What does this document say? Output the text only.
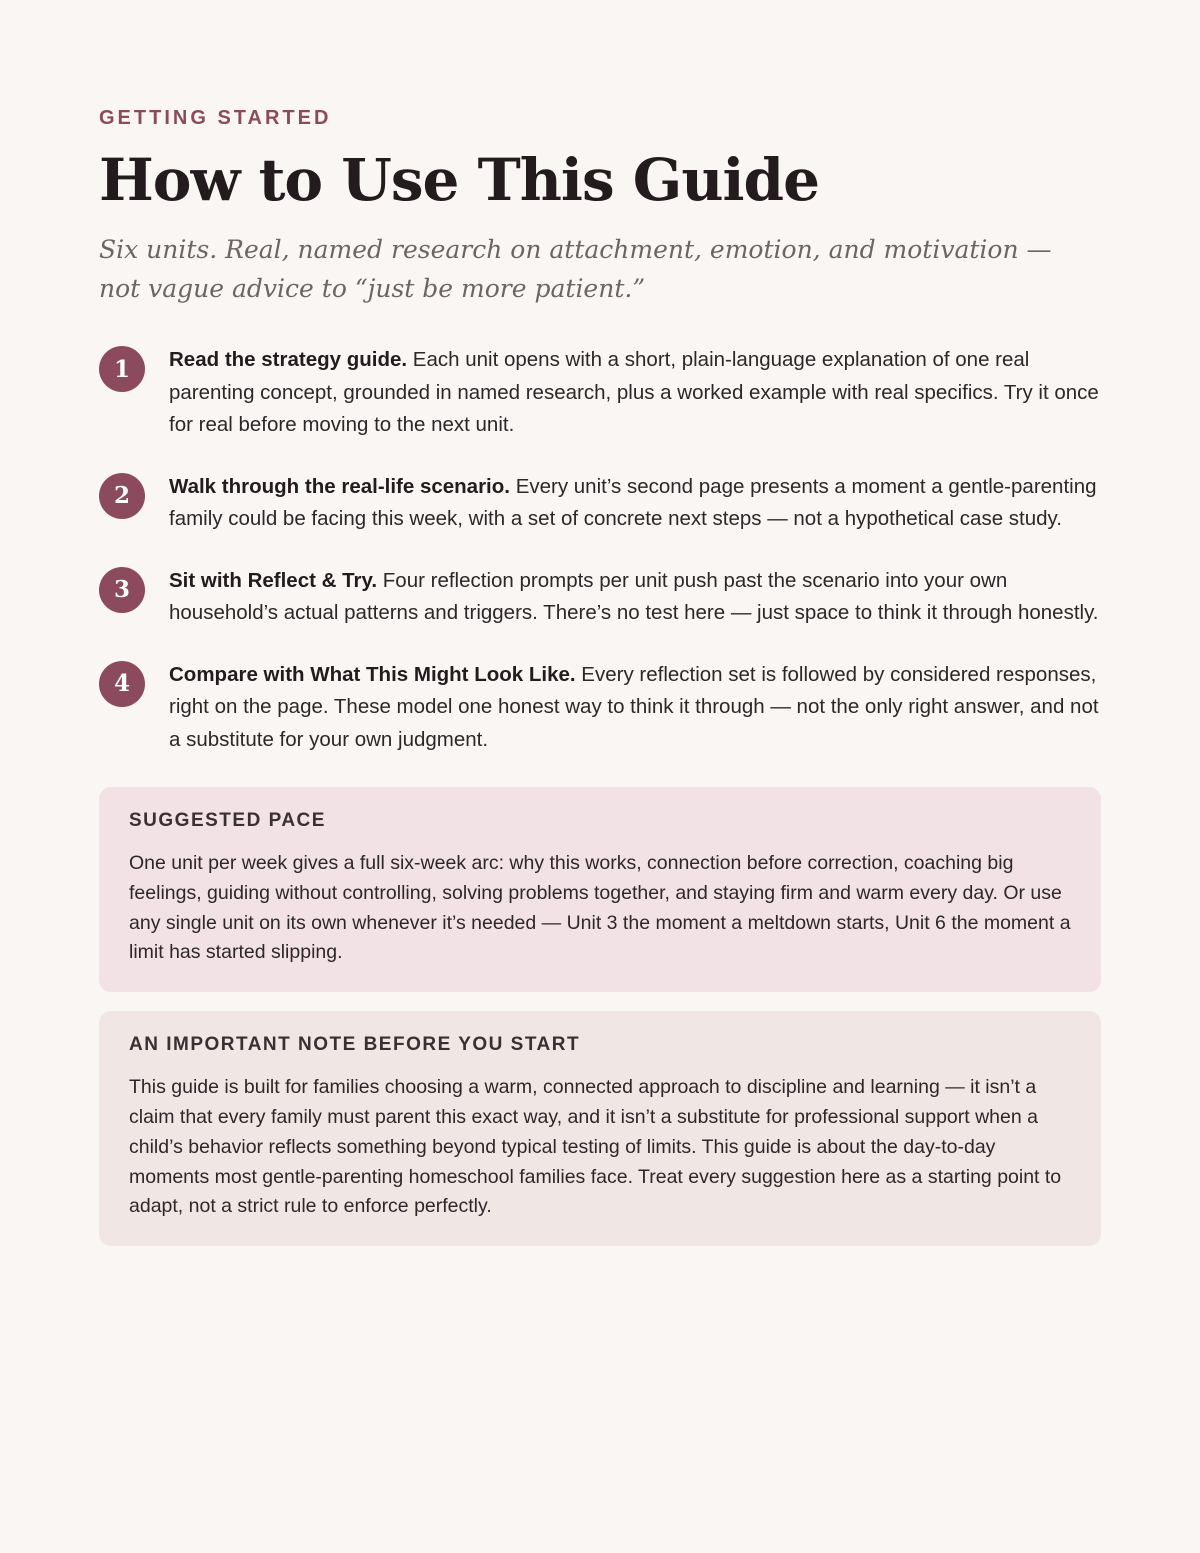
GETTING STARTED
How to Use This Guide

Six units. Real, named research on attachment, emotion, and motivation — not vague advice to “just be more patient.”

1	Read the strategy guide. Each unit opens with a short, plain-language explanation of one real parenting concept, grounded in named research, plus a worked example with real specifics. Try it once for real before moving to the next unit.
2	Walk through the real-life scenario. Every unit’s second page presents a moment a gentle-parenting family could be facing this week, with a set of concrete next steps — not a hypothetical case study.
3	Sit with Reflect & Try. Four reflection prompts per unit push past the scenario into your own household’s actual patterns and triggers. There’s no test here — just space to think it through honestly.
4	Compare with What This Might Look Like. Every reflection set is followed by considered responses, right on the page. These model one honest way to think it through — not the only right answer, and not a substitute for your own judgment.
SUGGESTED PACE
One unit per week gives a full six-week arc: why this works, connection before correction, coaching big feelings, guiding without controlling, solving problems together, and staying firm and warm every day. Or use any single unit on its own whenever it’s needed — Unit 3 the moment a meltdown starts, Unit 6 the moment a limit has started slipping.
AN IMPORTANT NOTE BEFORE YOU START
This guide is built for families choosing a warm, connected approach to discipline and learning — it isn’t a claim that every family must parent this exact way, and it isn’t a substitute for professional support when a child’s behavior reflects something beyond typical testing of limits. This guide is about the day-to-day moments most gentle-parenting homeschool families face. Treat every suggestion here as a starting point to adapt, not a strict rule to enforce perfectly.
